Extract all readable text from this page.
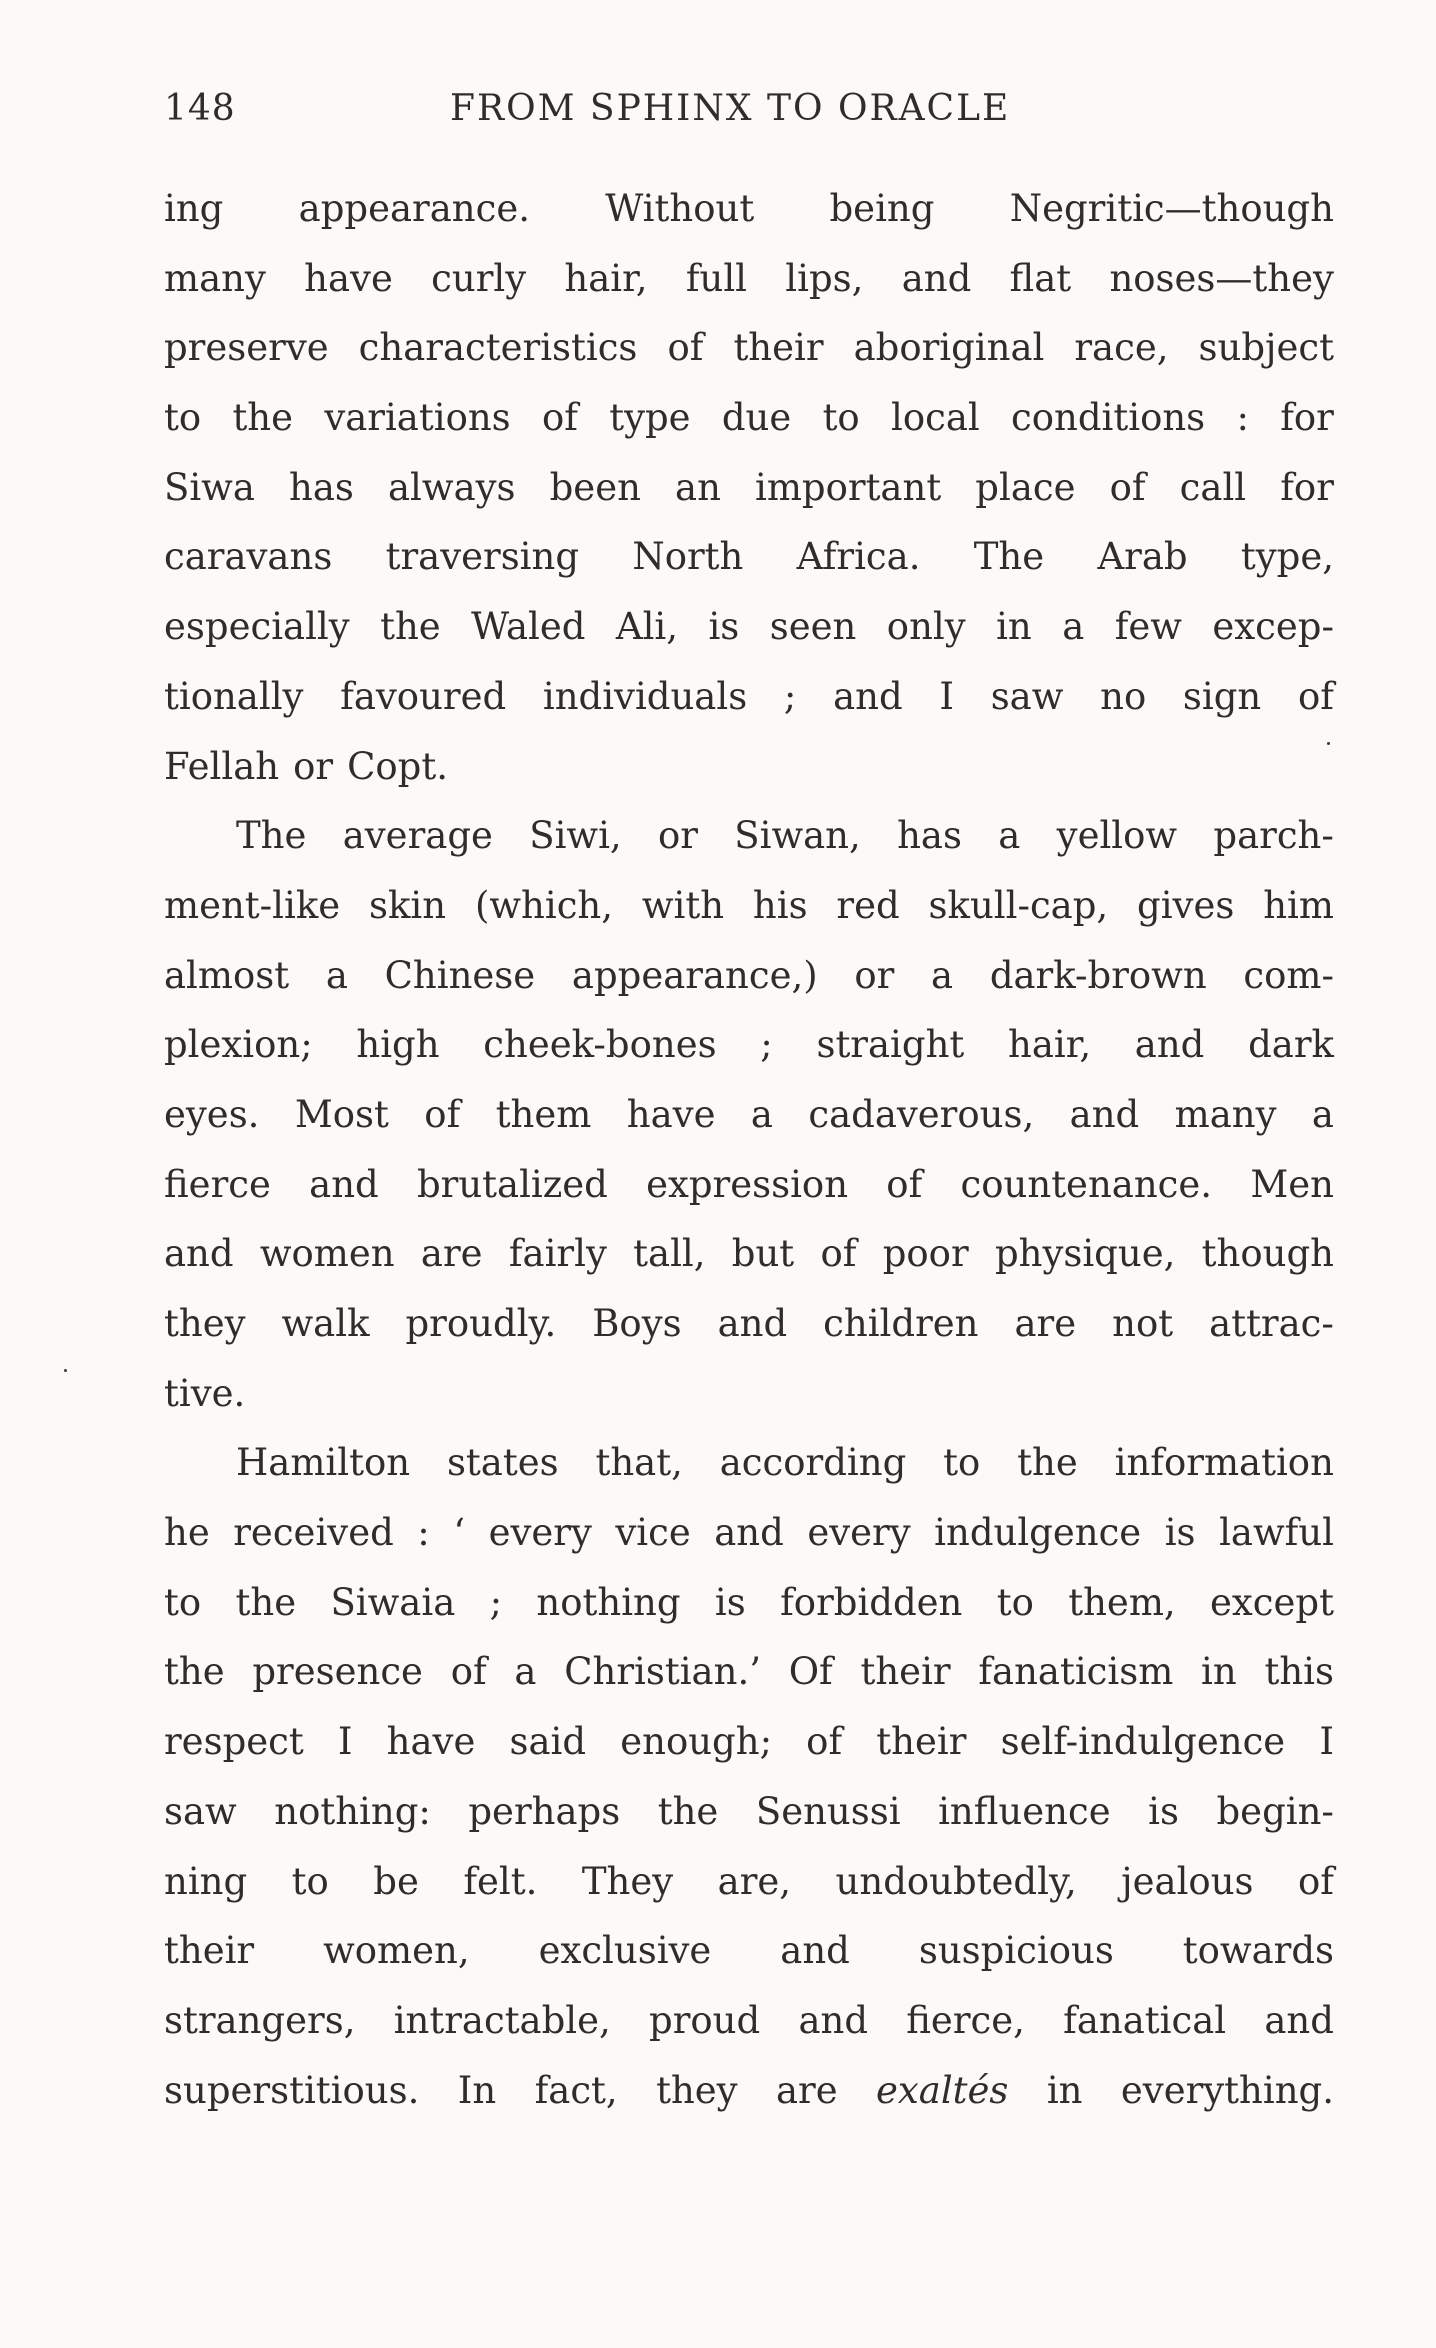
148	FROM SPHINX TO ORACLE
ing appearance. Without being Negritic—though
many have curly hair, full lips, and flat noses—they
preserve characteristics of their aboriginal race, subject
to the variations of type due to local conditions : for
Siwa has always been an important place of call for
caravans traversing North Africa. The Arab type,
especially the Waled Ali, is seen only in a few excep-
tionally favoured individuals ; and I saw no sign of
Fellah or Copt.
The average Siwi, or Siwan, has a yellow parch-
ment-like skin (which, with his red skull-cap, gives him
almost a Chinese appearance,) or a dark-brown com-
plexion; high cheek-bones ; straight hair, and dark
eyes. Most of them have a cadaverous, and many a
fierce and brutalized expression of countenance. Men
and women are fairly tall, but of poor physique, though
they walk proudly. Boys and children are not attrac-
tive.
Hamilton states that, according to the information
he received : ‘ every vice and every indulgence is lawful
to the Siwaia ; nothing is forbidden to them, except
the presence of a Christian.’ Of their fanaticism in this
respect I have said enough; of their self-indulgence I
saw nothing: perhaps the Senussi influence is begin-
ning to be felt. They are, undoubtedly, jealous of
their women, exclusive and suspicious towards
strangers, intractable, proud and fierce, fanatical and
superstitious. In fact, they are exaltés in everything.
